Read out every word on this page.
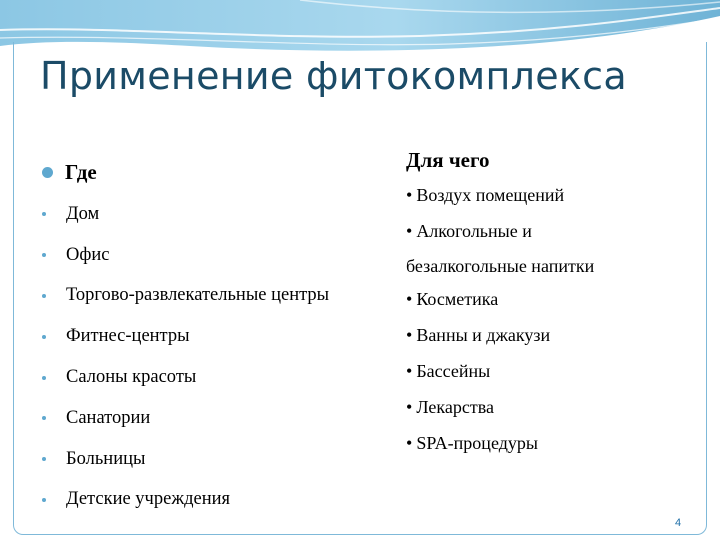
Применение фитокомплекса
Где
Дом
Офис
Торгово-развлекательные центры
Фитнес-центры
Салоны красоты
Санатории
Больницы
Детские учреждения
Для чего
• Воздух помещений
• Алкогольные и безалкогольные напитки
• Косметика
• Ванны и джакузи
• Бассейны
• Лекарства
• SPA-процедуры
4
